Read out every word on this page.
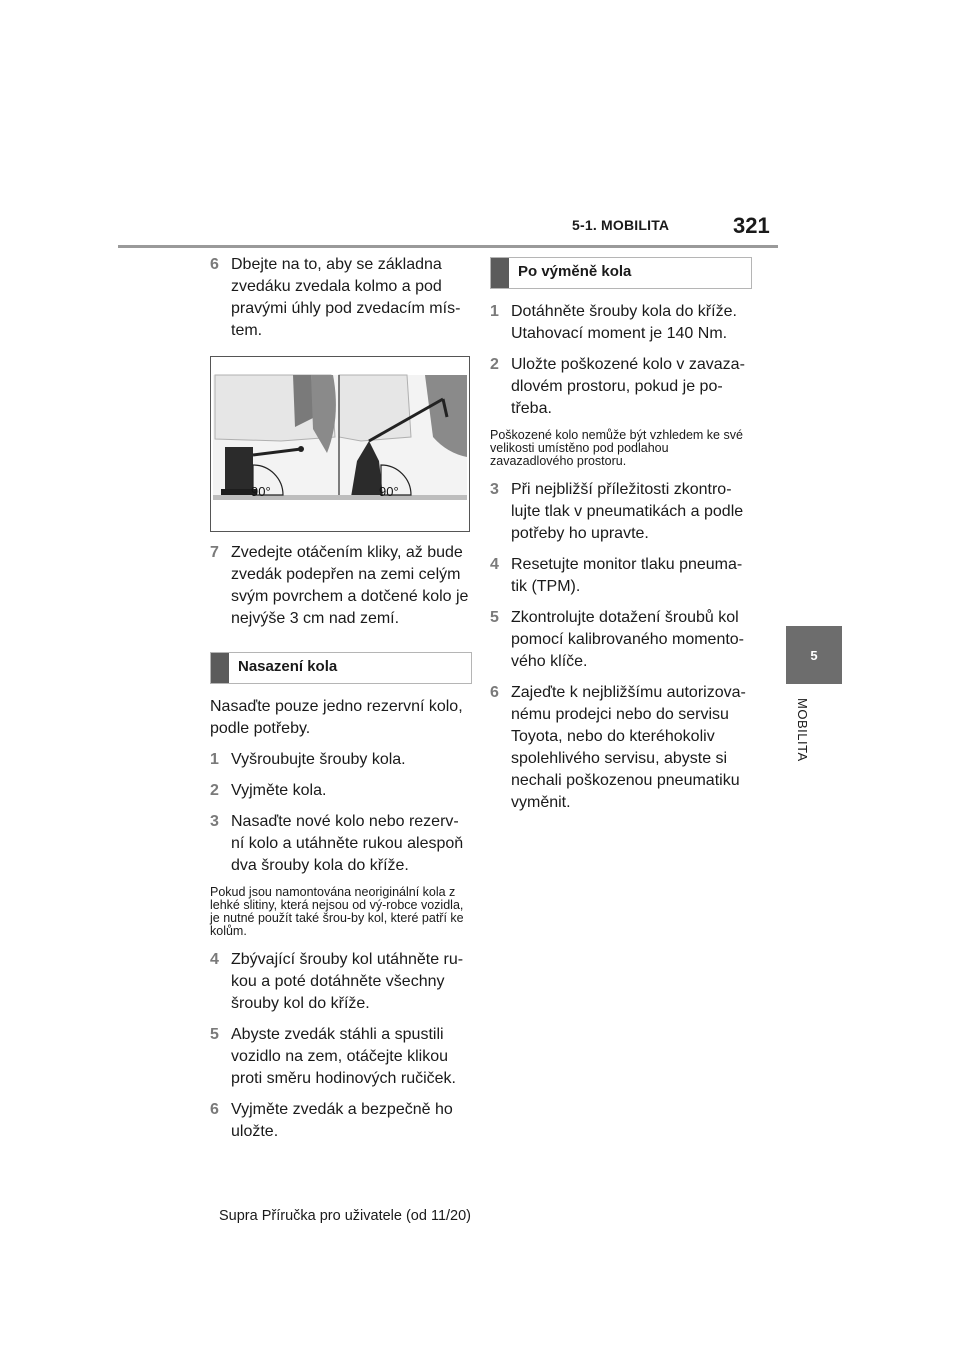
5-1. MOBILITA	321
5
MOBILITA
6 Dbejte na to, aby se základna zvedáku zvedala kolmo a pod pravými úhly pod zvedacím mís-tem.
90°	90°
7 Zvedejte otáčením kliky, až bude zvedák podepřen na zemi celým svým povrchem a dotčené kolo je nejvýše 3 cm nad zemí.
Nasazení kola
Nasaďte pouze jedno rezervní kolo, podle potřeby.
1 Vyšroubujte šrouby kola.
2 Vyjměte kola.
3 Nasaďte nové kolo nebo rezerv-ní kolo a utáhněte rukou alespoň dva šrouby kola do kříže.
Pokud jsou namontována neoriginální kola z lehké slitiny, která nejsou od vý-robce vozidla, je nutné použít také šrou-by kol, které patří ke kolům.
4 Zbývající šrouby kol utáhněte ru-kou a poté dotáhněte všechny šrouby kol do kříže.
5 Abyste zvedák stáhli a spustili vozidlo na zem, otáčejte klikou proti směru hodinových ručiček.
6 Vyjměte zvedák a bezpečně ho uložte.
Po výměně kola
1 Dotáhněte šrouby kola do kříže. Utahovací moment je 140 Nm.
2 Uložte poškozené kolo v zavaza-dlovém prostoru, pokud je po-třeba.
Poškozené kolo nemůže být vzhledem ke své velikosti umístěno pod podlahou zavazadlového prostoru.
3 Při nejbližší příležitosti zkontro-lujte tlak v pneumatikách a podle potřeby ho upravte.
4 Resetujte monitor tlaku pneuma-tik (TPM).
5 Zkontrolujte dotažení šroubů kol pomocí kalibrovaného momento-vého klíče.
6 Zajeďte k nejbližšímu autorizova-nému prodejci nebo do servisu Toyota, nebo do kteréhokoliv spolehlivého servisu, abyste si nechali poškozenou pneumatiku vyměnit.
Supra Příručka pro uživatele (od 11/20)
